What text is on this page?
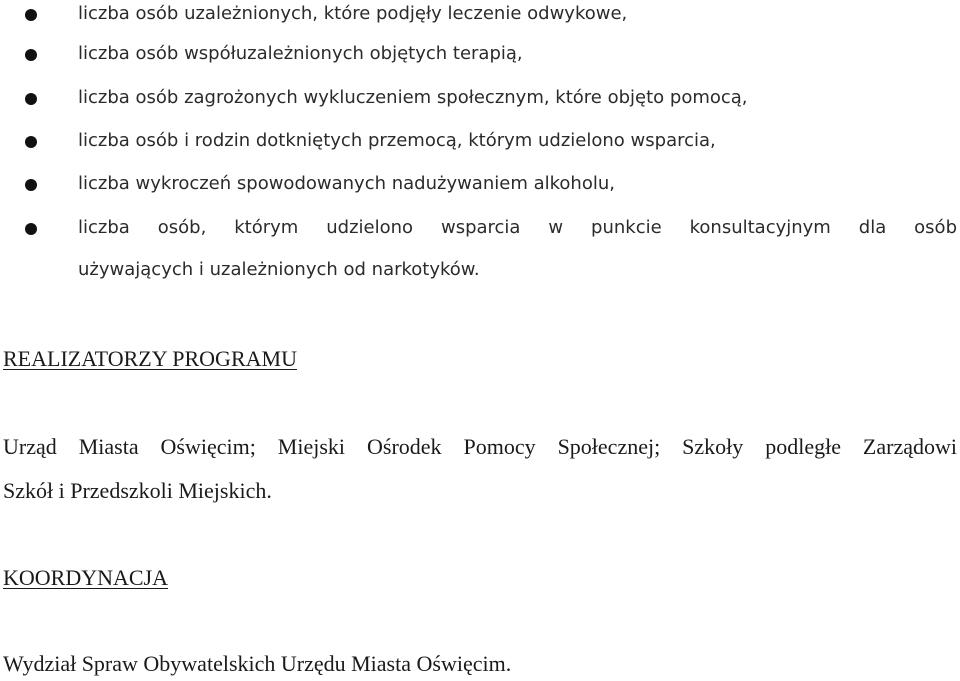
liczba osób uzależnionych, które podjęły leczenie odwykowe,
liczba osób współuzależnionych objętych terapią,
liczba osób zagrożonych wykluczeniem społecznym, które objęto pomocą,
liczba osób i rodzin dotkniętych przemocą, którym udzielono wsparcia,
liczba wykroczeń spowodowanych nadużywaniem alkoholu,
liczba osób, którym udzielono wsparcia w punkcie konsultacyjnym dla osób
używających i uzależnionych od narkotyków.
REALIZATORZY PROGRAMU
Urząd Miasta Oświęcim; Miejski Ośrodek Pomocy Społecznej; Szkoły podległe Zarządowi
Szkół i Przedszkoli Miejskich.
KOORDYNACJA
Wydział Spraw Obywatelskich Urzędu Miasta Oświęcim.
